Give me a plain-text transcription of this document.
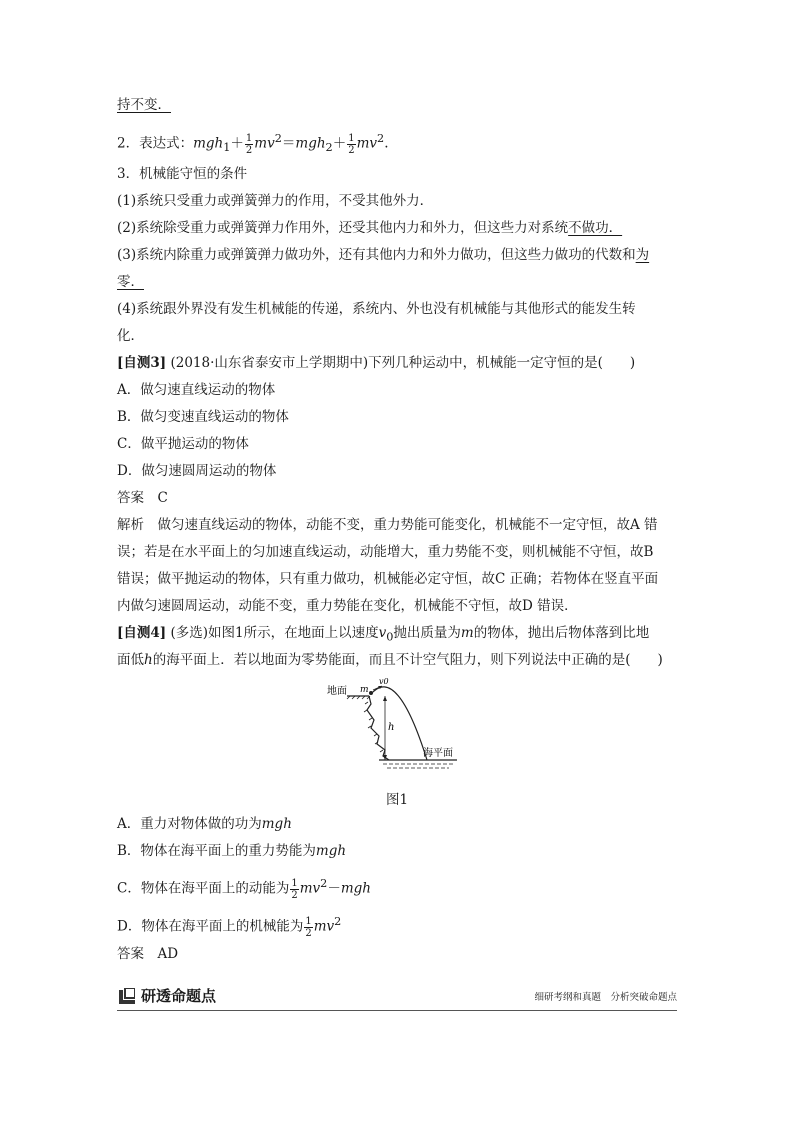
持不变．
2．表达式：$mgh_1+ \frac{1}{2} mv^2=mgh_2+ \frac{1}{2} mv^2$.
3．机械能守恒的条件
(1)系统只受重力或弹簧弹力的作用，不受其他外力．
(2)系统除受重力或弹簧弹力作用外，还受其他内力和外力，但这些力对系统不做功．
(3)系统内除重力或弹簧弹力做功外，还有其他内力和外力做功，但这些力做功的代数和为
零．
(4)系统跟外界没有发生机械能的传递，系统内、外也没有机械能与其他形式的能发生转
化．
[自测3] (2018·山东省泰安市上学期期中)下列几种运动中，机械能一定守恒的是(　　)
A．做匀速直线运动的物体
B．做匀变速直线运动的物体
C．做平抛运动的物体
D．做匀速圆周运动的物体
答案　C
解析　做匀速直线运动的物体，动能不变，重力势能可能变化，机械能不一定守恒，故A 错
误；若是在水平面上的匀加速直线运动，动能增大，重力势能不变，则机械能不守恒，故B
错误；做平抛运动的物体，只有重力做功，机械能必定守恒，故C 正确；若物体在竖直平面
内做匀速圆周运动，动能不变，重力势能在变化，机械能不守恒，故D 错误．
[自测4] (多选)如图1所示，在地面上以速度$v_0$抛出质量为m的物体，抛出后物体落到比地
面低h的海平面上．若以地面为零势能面，而且不计空气阻力，则下列说法中正确的是(　　)
地面 m
v0
h
海平面
图1
A．重力对物体做的功为mgh
B．物体在海平面上的重力势能为mgh
C．物体在海平面上的动能为 $\frac{1}{2} mv^2-mgh$
D．物体在海平面上的机械能为 $\frac{1}{2} mv^2$
答案　AD
研透命题点	细研考纲和真题　分析突破命题点
